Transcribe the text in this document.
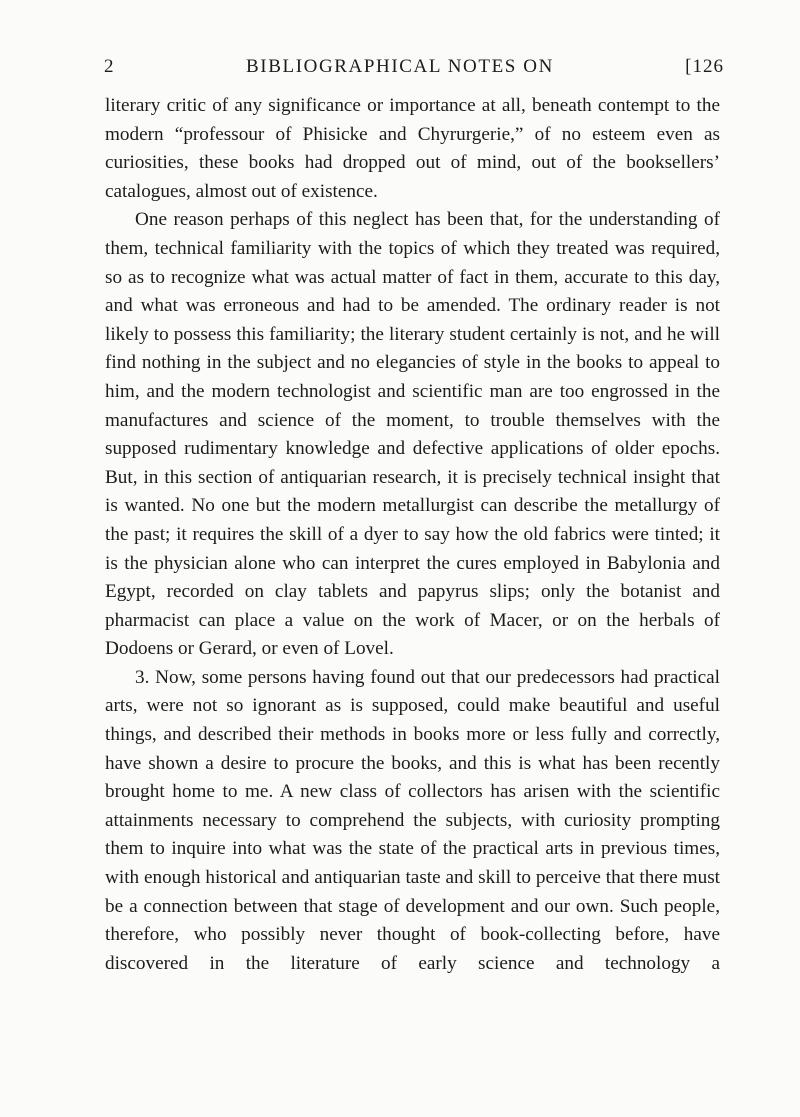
2	BIBLIOGRAPHICAL NOTES ON	[126

literary critic of any significance or importance at all, beneath contempt to the modern “professour of Phisicke and Chyrurgerie,” of no esteem even as curiosities, these books had dropped out of mind, out of the booksellers’ catalogues, almost out of existence.

One reason perhaps of this neglect has been that, for the understanding of them, technical familiarity with the topics of which they treated was required, so as to recognize what was actual matter of fact in them, accurate to this day, and what was erroneous and had to be amended. The ordinary reader is not likely to possess this familiarity; the literary student certainly is not, and he will find nothing in the subject and no elegancies of style in the books to appeal to him, and the modern technologist and scientific man are too engrossed in the manufactures and science of the moment, to trouble themselves with the supposed rudimentary knowledge and defective applications of older epochs. But, in this section of antiquarian research, it is precisely technical insight that is wanted. No one but the modern metallurgist can describe the metallurgy of the past; it requires the skill of a dyer to say how the old fabrics were tinted; it is the physician alone who can interpret the cures employed in Babylonia and Egypt, recorded on clay tablets and papyrus slips; only the botanist and pharmacist can place a value on the work of Macer, or on the herbals of Dodoens or Gerard, or even of Lovel.

3. Now, some persons having found out that our predecessors had practical arts, were not so ignorant as is supposed, could make beautiful and useful things, and described their methods in books more or less fully and correctly, have shown a desire to procure the books, and this is what has been recently brought home to me. A new class of collectors has arisen with the scientific attainments necessary to comprehend the subjects, with curiosity prompting them to inquire into what was the state of the practical arts in previous times, with enough historical and antiquarian taste and skill to perceive that there must be a connection between that stage of development and our own. Such people, therefore, who possibly never thought of book-collecting before, have discovered in the literature of early science and technology a
